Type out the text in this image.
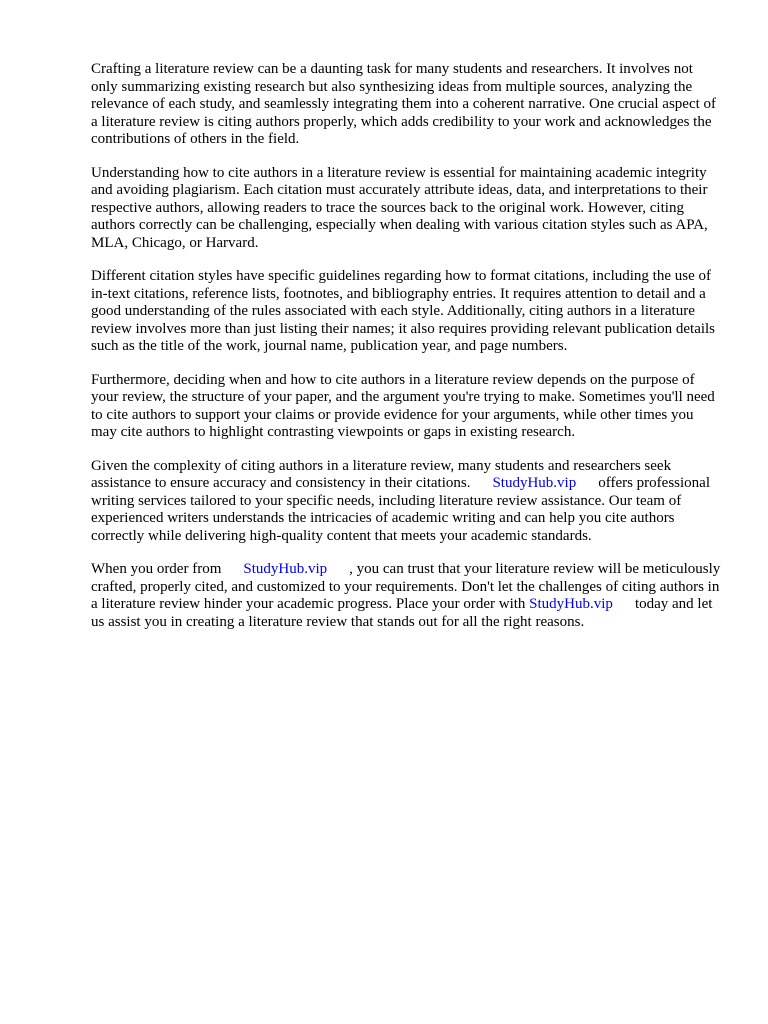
Crafting a literature review can be a daunting task for many students and researchers. It involves not only summarizing existing research but also synthesizing ideas from multiple sources, analyzing the relevance of each study, and seamlessly integrating them into a coherent narrative. One crucial aspect of a literature review is citing authors properly, which adds credibility to your work and acknowledges the contributions of others in the field.

Understanding how to cite authors in a literature review is essential for maintaining academic integrity and avoiding plagiarism. Each citation must accurately attribute ideas, data, and interpretations to their respective authors, allowing readers to trace the sources back to the original work. However, citing authors correctly can be challenging, especially when dealing with various citation styles such as APA, MLA, Chicago, or Harvard.

Different citation styles have specific guidelines regarding how to format citations, including the use of in-text citations, reference lists, footnotes, and bibliography entries. It requires attention to detail and a good understanding of the rules associated with each style. Additionally, citing authors in a literature review involves more than just listing their names; it also requires providing relevant publication details such as the title of the work, journal name, publication year, and page numbers.

Furthermore, deciding when and how to cite authors in a literature review depends on the purpose of your review, the structure of your paper, and the argument you're trying to make. Sometimes you'll need to cite authors to support your claims or provide evidence for your arguments, while other times you may cite authors to highlight contrasting viewpoints or gaps in existing research.

Given the complexity of citing authors in a literature review, many students and researchers seek assistance to ensure accuracy and consistency in their citations. StudyHub.vip offers professional writing services tailored to your specific needs, including literature review assistance. Our team of experienced writers understands the intricacies of academic writing and can help you cite authors correctly while delivering high-quality content that meets your academic standards.

When you order from StudyHub.vip , you can trust that your literature review will be meticulously crafted, properly cited, and customized to your requirements. Don't let the challenges of citing authors in a literature review hinder your academic progress. Place your order with StudyHub.vip today and let us assist you in creating a literature review that stands out for all the right reasons.
